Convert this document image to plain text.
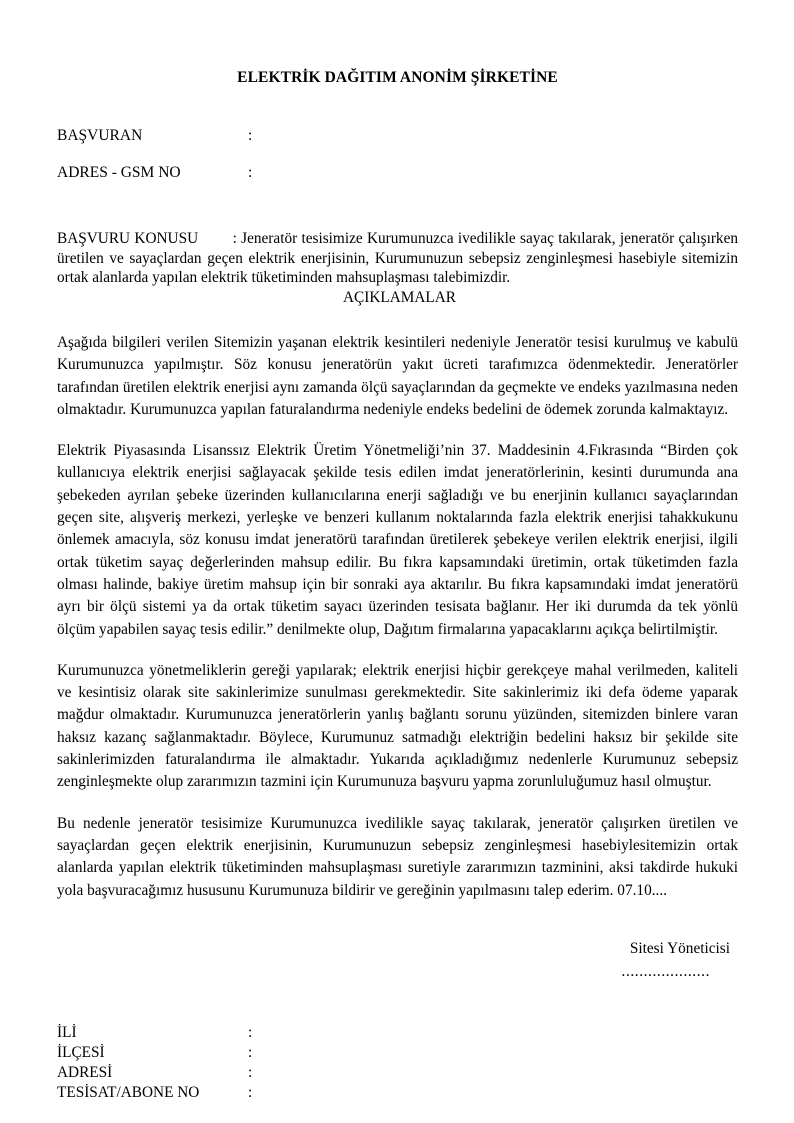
ELEKTRİK DAĞITIM ANONİM ŞİRKETİNE
BAŞVURAN	:
ADRES - GSM NO	:
BAŞVURU KONUSU : Jeneratör tesisimize Kurumunuzca ivedilikle sayaç takılarak, jeneratör çalışırken üretilen ve sayaçlardan geçen elektrik enerjisinin, Kurumunuzun sebepsiz zenginleşmesi hasebiyle sitemizin ortak alanlarda yapılan elektrik tüketiminden mahsuplaşması talebimizdir.
AÇIKLAMALAR

Aşağıda bilgileri verilen Sitemizin yaşanan elektrik kesintileri nedeniyle Jeneratör tesisi kurulmuş ve kabulü Kurumunuzca yapılmıştır. Söz konusu jeneratörün yakıt ücreti tarafımızca ödenmektedir. Jeneratörler tarafından üretilen elektrik enerjisi aynı zamanda ölçü sayaçlarından da geçmekte ve endeks yazılmasına neden olmaktadır. Kurumunuzca yapılan faturalandırma nedeniyle endeks bedelini de ödemek zorunda kalmaktayız.

Elektrik Piyasasında Lisanssız Elektrik Üretim Yönetmeliği’nin 37. Maddesinin 4.Fıkrasında “Birden çok kullanıcıya elektrik enerjisi sağlayacak şekilde tesis edilen imdat jeneratörlerinin, kesinti durumunda ana şebekeden ayrılan şebeke üzerinden kullanıcılarına enerji sağladığı ve bu enerjinin kullanıcı sayaçlarından geçen site, alışveriş merkezi, yerleşke ve benzeri kullanım noktalarında fazla elektrik enerjisi tahakkukunu önlemek amacıyla, söz konusu imdat jeneratörü tarafından üretilerek şebekeye verilen elektrik enerjisi, ilgili ortak tüketim sayaç değerlerinden mahsup edilir. Bu fıkra kapsamındaki üretimin, ortak tüketimden fazla olması halinde, bakiye üretim mahsup için bir sonraki aya aktarılır. Bu fıkra kapsamındaki imdat jeneratörü ayrı bir ölçü sistemi ya da ortak tüketim sayacı üzerinden tesisata bağlanır. Her iki durumda da tek yönlü ölçüm yapabilen sayaç tesis edilir.” denilmekte olup, Dağıtım firmalarına yapacaklarını açıkça belirtilmiştir.

Kurumunuzca yönetmeliklerin gereği yapılarak; elektrik enerjisi hiçbir gerekçeye mahal verilmeden, kaliteli ve kesintisiz olarak site sakinlerimize sunulması gerekmektedir. Site sakinlerimiz iki defa ödeme yaparak mağdur olmaktadır. Kurumunuzca jeneratörlerin yanlış bağlantı sorunu yüzünden, sitemizden binlere varan haksız kazanç sağlanmaktadır. Böylece, Kurumunuz satmadığı elektriğin bedelini haksız bir şekilde site sakinlerimizden faturalandırma ile almaktadır. Yukarıda açıkladığımız nedenlerle Kurumunuz sebepsiz zenginleşmekte olup zararımızın tazmini için Kurumunuza başvuru yapma zorunluluğumuz hasıl olmuştur.

Bu nedenle jeneratör tesisimize Kurumunuzca ivedilikle sayaç takılarak, jeneratör çalışırken üretilen ve sayaçlardan geçen elektrik enerjisinin, Kurumunuzun sebepsiz zenginleşmesi hasebiylesitemizin ortak alanlarda yapılan elektrik tüketiminden mahsuplaşması suretiyle zararımızın tazminini, aksi takdirde hukuki yola başvuracağımız hususunu Kurumunuza bildirir ve gereğinin yapılmasını talep ederim. 07.10....

Sitesi Yöneticisi
....................
İLİ	:
İLÇESİ	:
ADRESİ	:
TESİSAT/ABONE NO	:
